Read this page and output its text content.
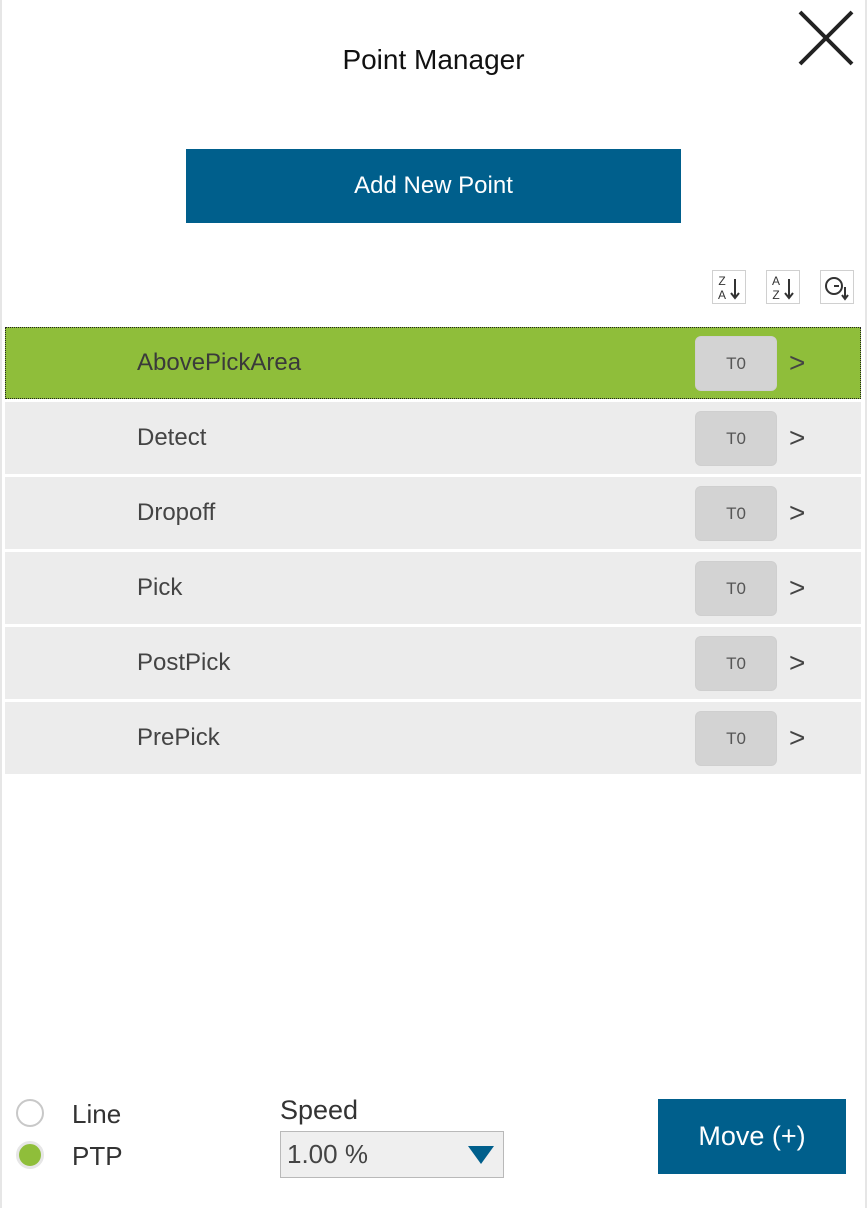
Point Manager
Add New Point
Z
A
A
Z
AbovePickArea	T0	>
Detect	T0	>
Dropoff	T0	>
Pick	T0	>
PostPick	T0	>
PrePick	T0	>
Line
PTP
Speed
1.00 %
Move (+)
